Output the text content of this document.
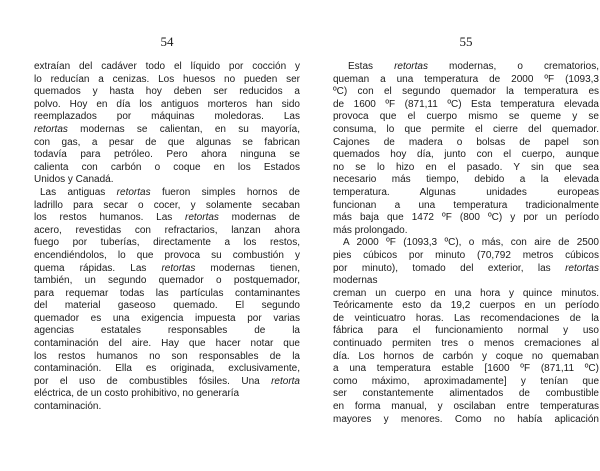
54
extraían del cadáver todo el líquido por cocción y
lo reducían a cenizas. Los huesos no pueden ser
quemados y hasta hoy deben ser reducidos a
polvo. Hoy en día los antiguos morteros han sido
reemplazados por máquinas moledoras. Las
retortas modernas se calientan, en su mayoría,
con gas, a pesar de que algunas se fabrican
todavía para petróleo. Pero ahora ninguna se
calienta con carbón o coque en los Estados
Unidos y Canadá.
Las antiguas retortas fueron simples hornos de
ladrillo para secar o cocer, y solamente secaban
los restos humanos. Las retortas modernas de
acero, revestidas con refractarios, lanzan ahora
fuego por tuberías, directamente a los restos,
encendiéndolos, lo que provoca su combustión y
quema rápidas. Las retortas modernas tienen,
también, un segundo quemador o postquemador,
para requemar todas las partículas contaminantes
del material gaseoso quemado. El segundo
quemador es una exigencia impuesta por varias
agencias estatales responsables de la
contaminación del aire. Hay que hacer notar que
los restos humanos no son responsables de la
contaminación. Ella es originada, exclusivamente,
por el uso de combustibles fósiles. Una retorta
eléctrica, de un costo prohibitivo, no generaría
contaminación.
55
Estas retortas modernas, o crematorios,
queman a una temperatura de 2000 ºF (1093,3
ºC) con el segundo quemador la temperatura es
de 1600 ºF (871,11 ºC) Esta temperatura elevada
provoca que el cuerpo mismo se queme y se
consuma, lo que permite el cierre del quemador.
Cajones de madera o bolsas de papel son
quemados hoy día, junto con el cuerpo, aunque
no se lo hizo en el pasado. Y sin que sea
necesario más tiempo, debido a la elevada
temperatura. Algunas unidades europeas
funcionan a una temperatura tradicionalmente
más baja que 1472 ºF (800 ºC) y por un período
más prolongado.
A 2000 ºF (1093,3 ºC), o más, con aire de 2500
pies cúbicos por minuto (70,792 metros cúbicos
por minuto), tomado del exterior, las retortas
modernas
creman un cuerpo en una hora y quince minutos.
Teóricamente esto da 19,2 cuerpos en un período
de veinticuatro horas. Las recomendaciones de la
fábrica para el funcionamiento normal y uso
continuado permiten tres o menos cremaciones al
día. Los hornos de carbón y coque no quemaban
a una temperatura estable [1600 ºF (871,11 ºC)
como máximo, aproximadamente] y tenían que
ser constantemente alimentados de combustible
en forma manual, y oscilaban entre temperaturas
mayores y menores. Como no había aplicación
